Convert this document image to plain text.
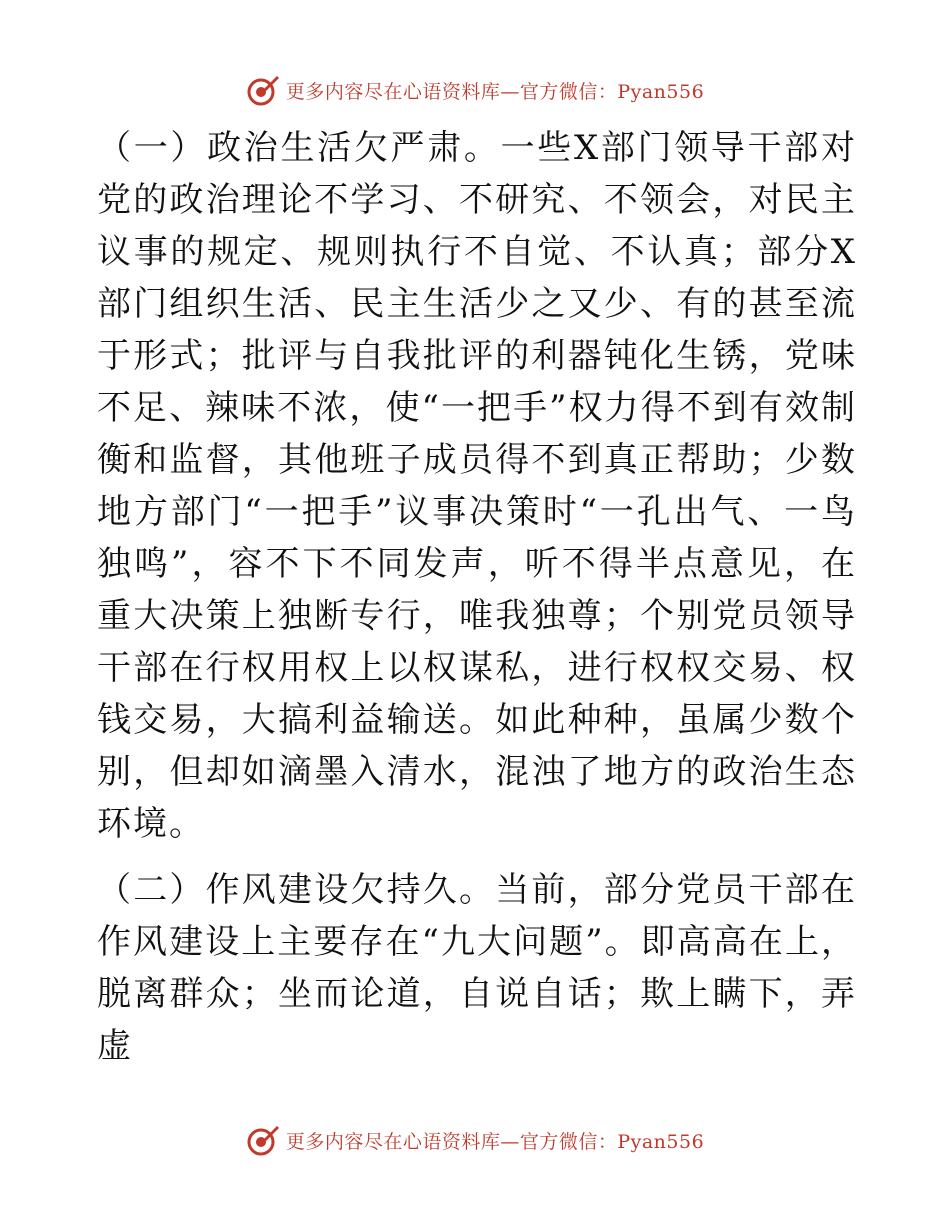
更多内容尽在心语资料库—官方微信：Pyan556

（一）政治生活欠严肃。一些X部门领导干部对党的政治理论不学习、不研究、不领会，对民主议事的规定、规则执行不自觉、不认真；部分X部门组织生活、民主生活少之又少、有的甚至流于形式；批评与自我批评的利器钝化生锈，党味不足、辣味不浓，使“一把手”权力得不到有效制衡和监督，其他班子成员得不到真正帮助；少数地方部门“一把手”议事决策时“一孔出气、一鸟独鸣”，容不下不同发声，听不得半点意见，在重大决策上独断专行，唯我独尊；个别党员领导干部在行权用权上以权谋私，进行权权交易、权钱交易，大搞利益输送。如此种种，虽属少数个别，但却如滴墨入清水，混浊了地方的政治生态环境。

（二）作风建设欠持久。当前，部分党员干部在作风建设上主要存在“九大问题”。即高高在上，脱离群众；坐而论道，自说自话；欺上瞒下，弄虚

更多内容尽在心语资料库—官方微信：Pyan556
